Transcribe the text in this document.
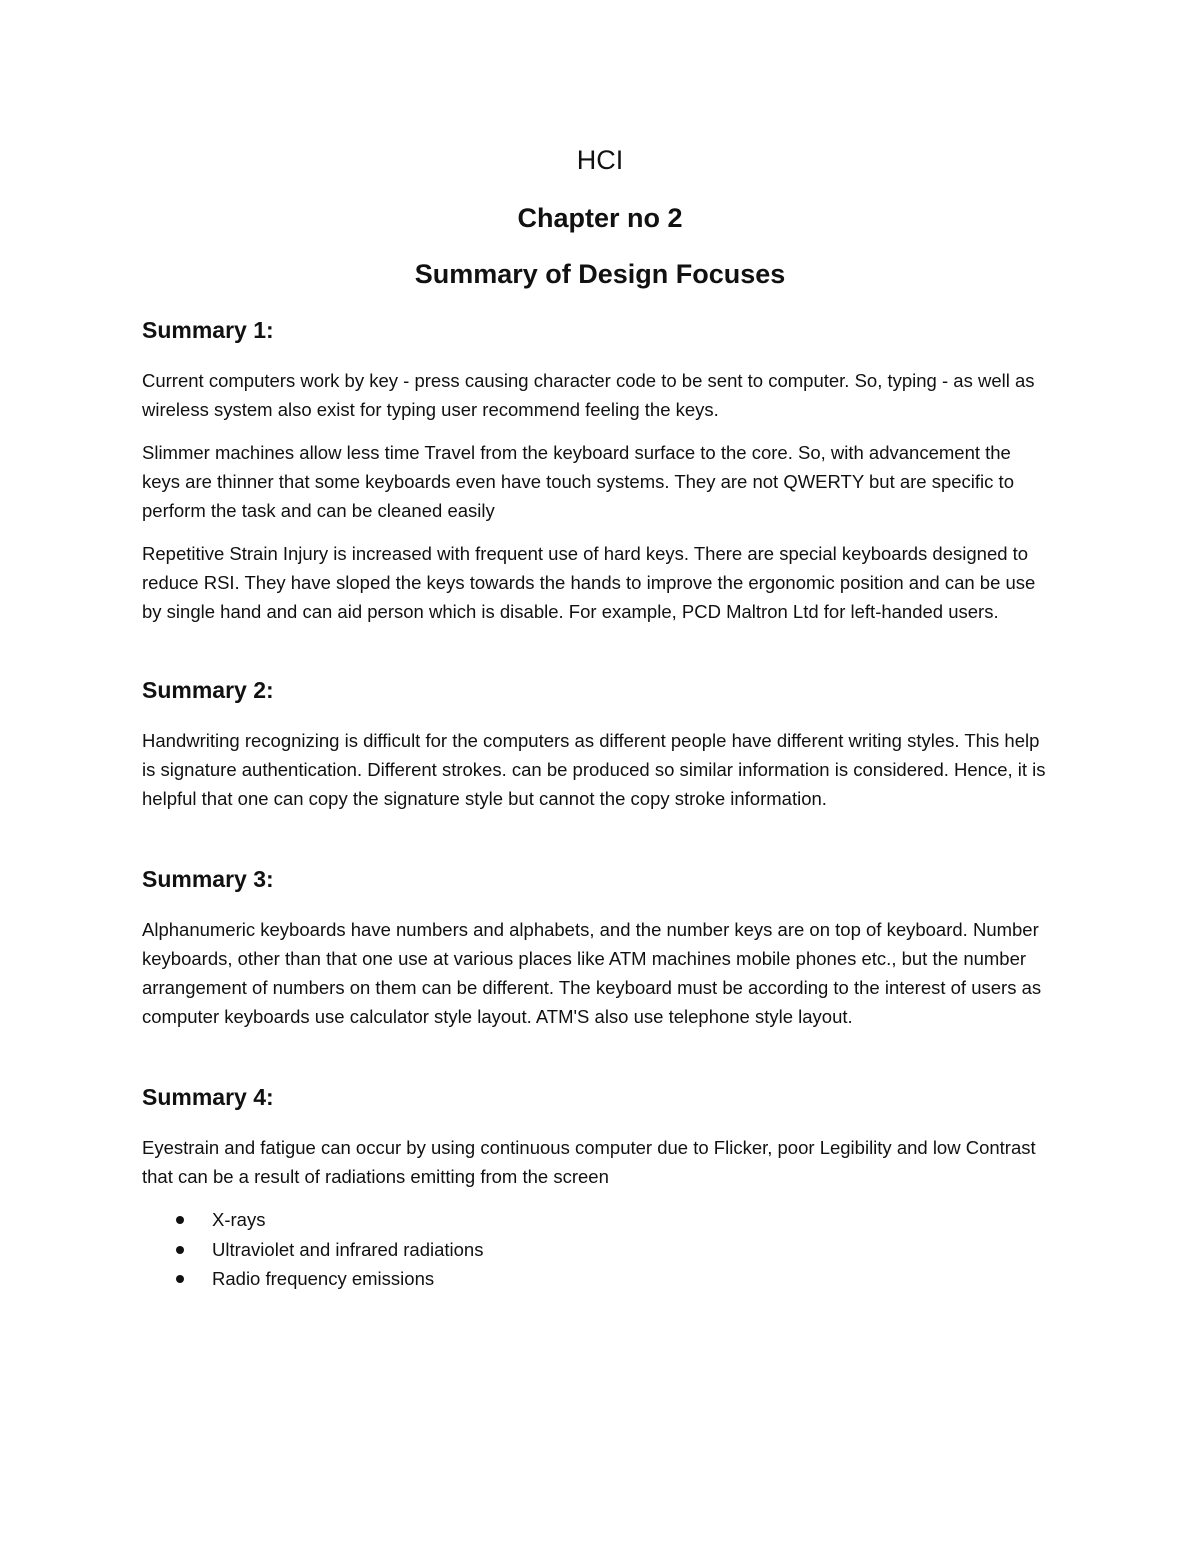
HCI
Chapter no 2
Summary of Design Focuses
Summary 1:

Current computers work by key - press causing character code to be sent to computer. So, typing - as well as wireless system also exist for typing user recommend feeling the keys.

Slimmer machines allow less time Travel from the keyboard surface to the core. So, with advancement the keys are thinner that some keyboards even have touch systems. They are not QWERTY but are specific to perform the task and can be cleaned easily

Repetitive Strain Injury is increased with frequent use of hard keys. There are special keyboards designed to reduce RSI. They have sloped the keys towards the hands to improve the ergonomic position and can be use by single hand and can aid person which is disable. For example, PCD Maltron Ltd for left-handed users.

Summary 2:

Handwriting recognizing is difficult for the computers as different people have different writing styles. This help is signature authentication. Different strokes. can be produced so similar information is considered. Hence, it is helpful that one can copy the signature style but cannot the copy stroke information.

Summary 3:

Alphanumeric keyboards have numbers and alphabets, and the number keys are on top of keyboard. Number keyboards, other than that one use at various places like ATM machines mobile phones etc., but the number arrangement of numbers on them can be different. The keyboard must be according to the interest of users as computer keyboards use calculator style layout. ATM'S also use telephone style layout.

Summary 4:

Eyestrain and fatigue can occur by using continuous computer due to Flicker, poor Legibility and low Contrast that can be a result of radiations emitting from the screen

X-rays
Ultraviolet and infrared radiations
Radio frequency emissions
